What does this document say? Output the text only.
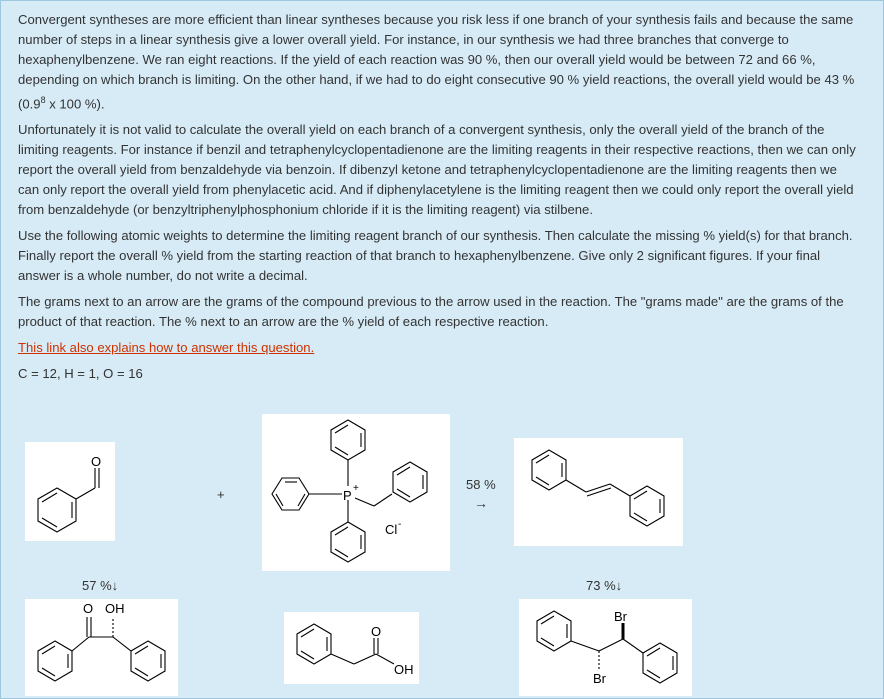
Convergent syntheses are more efficient than linear syntheses because you risk less if one branch of your synthesis fails and because the same number of steps in a linear synthesis give a lower overall yield. For instance, in our synthesis we had three branches that converge to hexaphenylbenzene. We ran eight reactions. If the yield of each reaction was 90 %, then our overall yield would be between 72 and 66 %, depending on which branch is limiting. On the other hand, if we had to do eight consecutive 90 % yield reactions, the overall yield would be 43 % ($0.9^8$ x 100 %).

Unfortunately it is not valid to calculate the overall yield on each branch of a convergent synthesis, only the overall yield of the branch of the limiting reagents. For instance if benzil and tetraphenylcyclopentadienone are the limiting reagents in their respective reactions, then we can only report the overall yield from benzaldehyde via benzoin. If dibenzyl ketone and tetraphenylcyclopentadienone are the limiting reagents then we can only report the overall yield from phenylacetic acid. And if diphenylacetylene is the limiting reagent then we could only report the overall yield from benzaldehyde (or benzyltriphenylphosphonium chloride if it is the limiting reagent) via stilbene.

Use the following atomic weights to determine the limiting reagent branch of our synthesis. Then calculate the missing % yield(s) for that branch. Finally report the overall % yield from the starting reaction of that branch to hexaphenylbenzene. Give only 2 significant figures. If your final answer is a whole number, do not write a decimal.

The grams next to an arrow are the grams of the compound previous to the arrow used in the reaction. The "grams made" are the grams of the product of that reaction. The % next to an arrow are the % yield of each respective reaction.

This link also explains how to answer this question.

C = 12, H = 1, O = 16

O
+	P +
Cl -
58 %
→
57 %↓	73 %↓
O OH
O
OH
Br
Br
